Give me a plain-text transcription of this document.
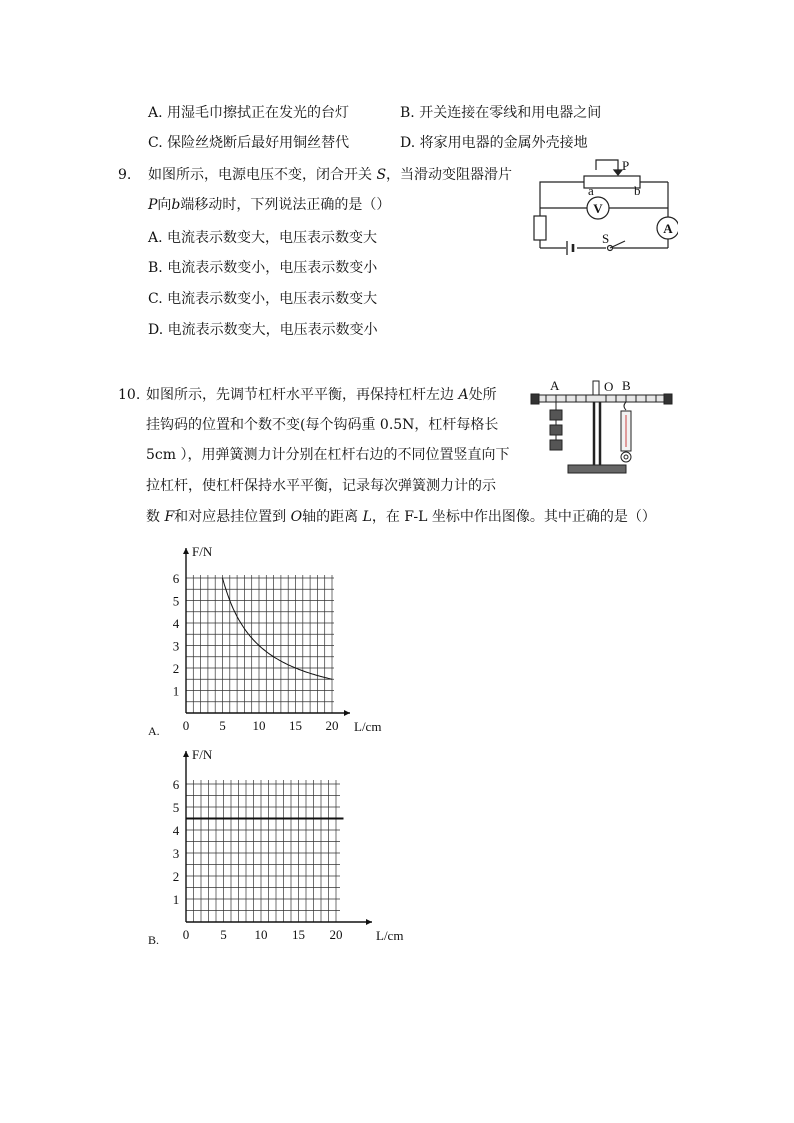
A. 用湿毛巾擦拭正在发光的台灯	B. 开关连接在零线和用电器之间
C. 保险丝烧断后最好用铜丝替代	D. 将家用电器的金属外壳接地
9. 如图所示，电源电压不变，闭合开关 S，当滑动变阻器滑片
P向b端移动时，下列说法正确的是（）
A. 电流表示数变大，电压表示数变大
B. 电流表示数变小，电压表示数变小
C. 电流表示数变小，电压表示数变大
D. 电流表示数变大，电压表示数变小
P
a	b
V
A
S
10. 如图所示，先调节杠杆水平平衡，再保持杠杆左边 A处所
挂钩码的位置和个数不变(每个钩码重 0.5N，杠杆每格长
5cm ），用弹簧测力计分别在杠杆右边的不同位置竖直向下
拉杠杆，使杠杆保持水平平衡，记录每次弹簧测力计的示
数 F和对应悬挂位置到 O轴的距离 L，在 F-L 坐标中作出图像。其中正确的是（）
A	O B
1
2
3
4
5
6
0 5 10 15 20
F/N
L/cm
A.
1
2
3
4
5
6
0 5 10 15 20
F/N
L/cm
B.
